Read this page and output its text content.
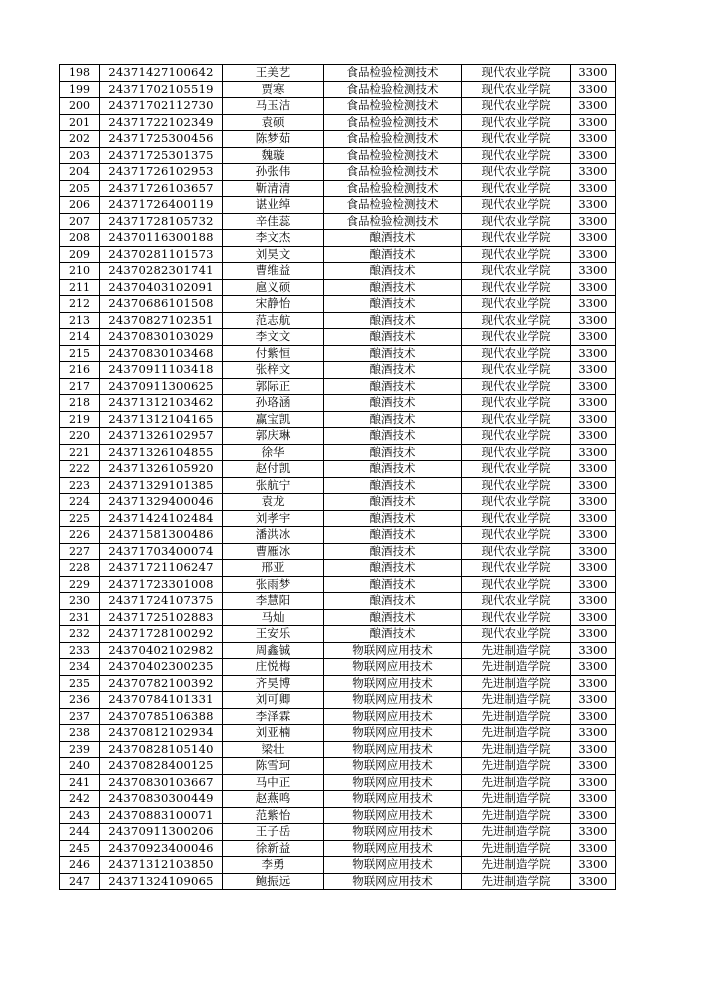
198	24371427100642	王美艺	食品检验检测技术	现代农业学院	3300
199	24371702105519	贾寒	食品检验检测技术	现代农业学院	3300
200	24371702112730	马玉洁	食品检验检测技术	现代农业学院	3300
201	24371722102349	袁硕	食品检验检测技术	现代农业学院	3300
202	24371725300456	陈梦茹	食品检验检测技术	现代农业学院	3300
203	24371725301375	魏璇	食品检验检测技术	现代农业学院	3300
204	24371726102953	孙张伟	食品检验检测技术	现代农业学院	3300
205	24371726103657	靳清清	食品检验检测技术	现代农业学院	3300
206	24371726400119	谌业绰	食品检验检测技术	现代农业学院	3300
207	24371728105732	辛佳蕊	食品检验检测技术	现代农业学院	3300
208	24370116300188	李文杰	酿酒技术	现代农业学院	3300
209	24370281101573	刘昊文	酿酒技术	现代农业学院	3300
210	24370282301741	曹维益	酿酒技术	现代农业学院	3300
211	24370403102091	扈义硕	酿酒技术	现代农业学院	3300
212	24370686101508	宋静怡	酿酒技术	现代农业学院	3300
213	24370827102351	范志航	酿酒技术	现代农业学院	3300
214	24370830103029	李文文	酿酒技术	现代农业学院	3300
215	24370830103468	付紫恒	酿酒技术	现代农业学院	3300
216	24370911103418	张梓文	酿酒技术	现代农业学院	3300
217	24370911300625	郭际正	酿酒技术	现代农业学院	3300
218	24371312103462	孙珞涵	酿酒技术	现代农业学院	3300
219	24371312104165	赢宝凯	酿酒技术	现代农业学院	3300
220	24371326102957	郭庆琳	酿酒技术	现代农业学院	3300
221	24371326104855	徐华	酿酒技术	现代农业学院	3300
222	24371326105920	赵付凯	酿酒技术	现代农业学院	3300
223	24371329101385	张航宁	酿酒技术	现代农业学院	3300
224	24371329400046	袁龙	酿酒技术	现代农业学院	3300
225	24371424102484	刘孝宇	酿酒技术	现代农业学院	3300
226	24371581300486	潘洪冰	酿酒技术	现代农业学院	3300
227	24371703400074	曹雁冰	酿酒技术	现代农业学院	3300
228	24371721106247	邢亚	酿酒技术	现代农业学院	3300
229	24371723301008	张雨梦	酿酒技术	现代农业学院	3300
230	24371724107375	李慧阳	酿酒技术	现代农业学院	3300
231	24371725102883	马灿	酿酒技术	现代农业学院	3300
232	24371728100292	王安乐	酿酒技术	现代农业学院	3300
233	24370402102982	周鑫铖	物联网应用技术	先进制造学院	3300
234	24370402300235	庄悦梅	物联网应用技术	先进制造学院	3300
235	24370782100392	齐昊博	物联网应用技术	先进制造学院	3300
236	24370784101331	刘可卿	物联网应用技术	先进制造学院	3300
237	24370785106388	李泽霖	物联网应用技术	先进制造学院	3300
238	24370812102934	刘亚楠	物联网应用技术	先进制造学院	3300
239	24370828105140	梁壮	物联网应用技术	先进制造学院	3300
240	24370828400125	陈雪珂	物联网应用技术	先进制造学院	3300
241	24370830103667	马中正	物联网应用技术	先进制造学院	3300
242	24370830300449	赵燕鸣	物联网应用技术	先进制造学院	3300
243	24370883100071	范紫怡	物联网应用技术	先进制造学院	3300
244	24370911300206	王子岳	物联网应用技术	先进制造学院	3300
245	24370923400046	徐新益	物联网应用技术	先进制造学院	3300
246	24371312103850	李勇	物联网应用技术	先进制造学院	3300
247	24371324109065	鲍振远	物联网应用技术	先进制造学院	3300
